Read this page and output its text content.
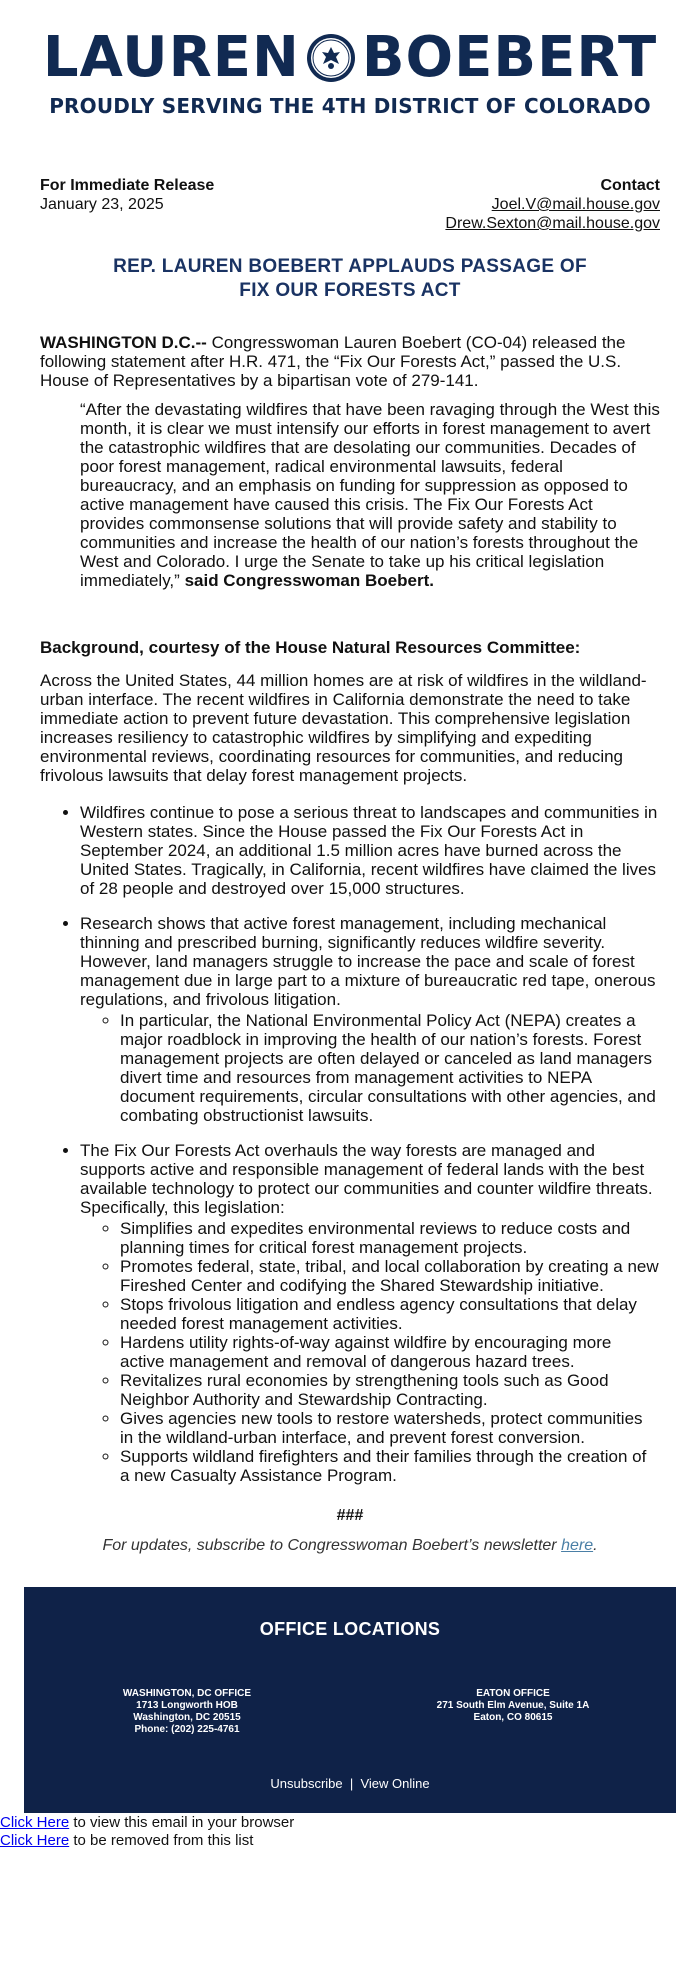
LAUREN BOEBERT
PROUDLY SERVING THE 4TH DISTRICT OF COLORADO
For Immediate Release
January 23, 2025
Contact
Joel.V@mail.house.gov
Drew.Sexton@mail.house.gov
REP. LAUREN BOEBERT APPLAUDS PASSAGE OF
FIX OUR FORESTS ACT

WASHINGTON D.C.-- Congresswoman Lauren Boebert (CO-04) released the following statement after H.R. 471, the “Fix Our Forests Act,” passed the U.S. House of Representatives by a bipartisan vote of 279-141.

“After the devastating wildfires that have been ravaging through the West this month, it is clear we must intensify our efforts in forest management to avert the catastrophic wildfires that are desolating our communities. Decades of poor forest management, radical environmental lawsuits, federal bureaucracy, and an emphasis on funding for suppression as opposed to active management have caused this crisis. The Fix Our Forests Act provides commonsense solutions that will provide safety and stability to communities and increase the health of our nation’s forests throughout the West and Colorado. I urge the Senate to take up his critical legislation immediately,” said Congresswoman Boebert.

Background, courtesy of the House Natural Resources Committee:

Across the United States, 44 million homes are at risk of wildfires in the wildland-urban interface. The recent wildfires in California demonstrate the need to take immediate action to prevent future devastation. This comprehensive legislation increases resiliency to catastrophic wildfires by simplifying and expediting environmental reviews, coordinating resources for communities, and reducing frivolous lawsuits that delay forest management projects.

• Wildfires continue to pose a serious threat to landscapes and communities in Western states. Since the House passed the Fix Our Forests Act in September 2024, an additional 1.5 million acres have burned across the United States. Tragically, in California, recent wildfires have claimed the lives of 28 people and destroyed over 15,000 structures.
• Research shows that active forest management, including mechanical thinning and prescribed burning, significantly reduces wildfire severity. However, land managers struggle to increase the pace and scale of forest management due in large part to a mixture of bureaucratic red tape, onerous regulations, and frivolous litigation.
◦ In particular, the National Environmental Policy Act (NEPA) creates a major roadblock in improving the health of our nation’s forests. Forest management projects are often delayed or canceled as land managers divert time and resources from management activities to NEPA document requirements, circular consultations with other agencies, and combating obstructionist lawsuits.
• The Fix Our Forests Act overhauls the way forests are managed and supports active and responsible management of federal lands with the best available technology to protect our communities and counter wildfire threats. Specifically, this legislation:
◦ Simplifies and expedites environmental reviews to reduce costs and planning times for critical forest management projects.
◦ Promotes federal, state, tribal, and local collaboration by creating a new Fireshed Center and codifying the Shared Stewardship initiative.
◦ Stops frivolous litigation and endless agency consultations that delay needed forest management activities.
◦ Hardens utility rights-of-way against wildfire by encouraging more active management and removal of dangerous hazard trees.
◦ Revitalizes rural economies by strengthening tools such as Good Neighbor Authority and Stewardship Contracting.
◦ Gives agencies new tools to restore watersheds, protect communities in the wildland-urban interface, and prevent forest conversion.
◦ Supports wildland firefighters and their families through the creation of a new Casualty Assistance Program.
###

For updates, subscribe to Congresswoman Boebert’s newsletter here.

OFFICE LOCATIONS
WASHINGTON, DC OFFICE
1713 Longworth HOB
Washington, DC 20515
Phone: (202) 225-4761
EATON OFFICE
271 South Elm Avenue, Suite 1A
Eaton, CO 80615
Unsubscribe | View Online
Click Here to view this email in your browser
Click Here to be removed from this list
